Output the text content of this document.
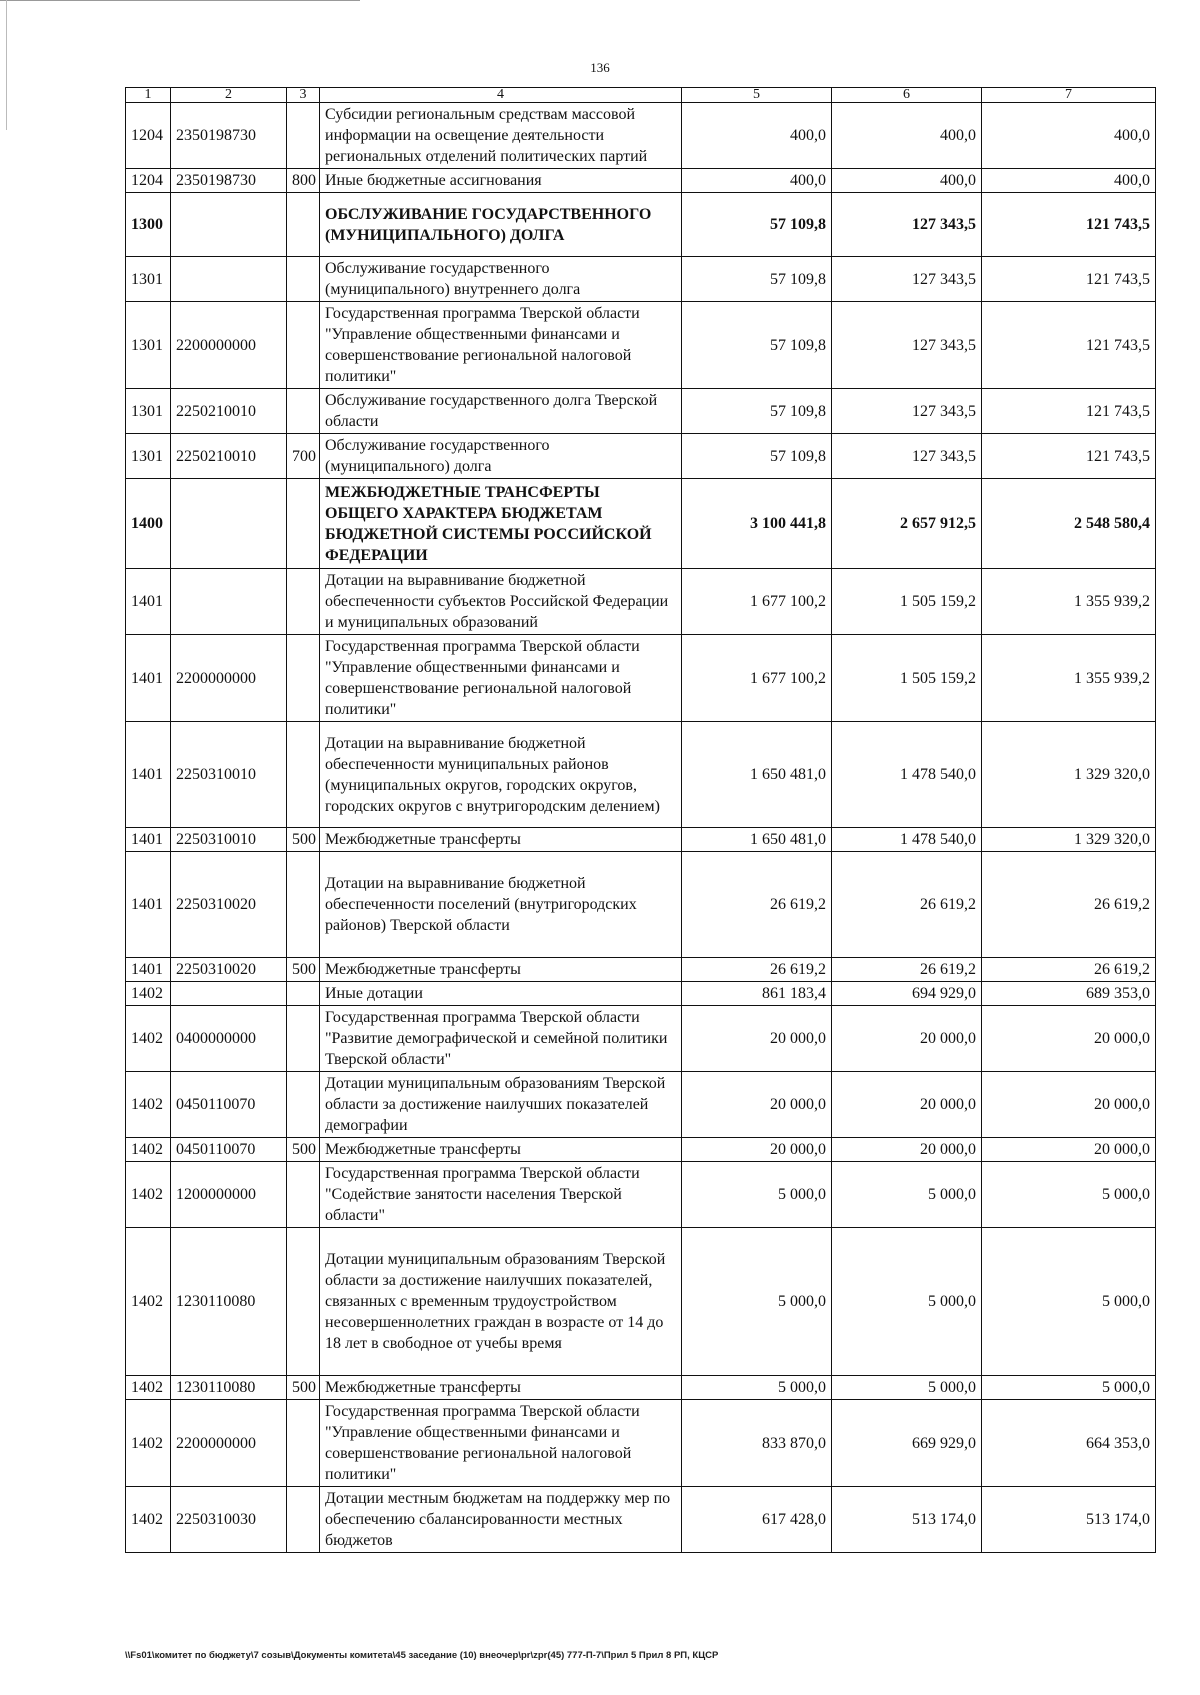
136
1	2	3	4	5	6	7
1204	2350198730		Субсидии региональным средствам массовой информации на освещение деятельности региональных отделений политических партий	400,0	400,0	400,0
1204	2350198730	800	Иные бюджетные ассигнования	400,0	400,0	400,0
1300			ОБСЛУЖИВАНИЕ ГОСУДАРСТВЕННОГО (МУНИЦИПАЛЬНОГО) ДОЛГА	57 109,8	127 343,5	121 743,5
1301			Обслуживание государственного (муниципального) внутреннего долга	57 109,8	127 343,5	121 743,5
1301	2200000000		Государственная программа Тверской области "Управление общественными финансами и совершенствование региональной налоговой политики"	57 109,8	127 343,5	121 743,5
1301	2250210010		Обслуживание государственного долга Тверской области	57 109,8	127 343,5	121 743,5
1301	2250210010	700	Обслуживание государственного (муниципального) долга	57 109,8	127 343,5	121 743,5
1400			МЕЖБЮДЖЕТНЫЕ ТРАНСФЕРТЫ ОБЩЕГО ХАРАКТЕРА БЮДЖЕТАМ БЮДЖЕТНОЙ СИСТЕМЫ РОССИЙСКОЙ ФЕДЕРАЦИИ	3 100 441,8	2 657 912,5	2 548 580,4
1401			Дотации на выравнивание бюджетной обеспеченности субъектов Российской Федерации и муниципальных образований	1 677 100,2	1 505 159,2	1 355 939,2
1401	2200000000		Государственная программа Тверской области "Управление общественными финансами и совершенствование региональной налоговой политики"	1 677 100,2	1 505 159,2	1 355 939,2
1401	2250310010		Дотации на выравнивание бюджетной обеспеченности муниципальных районов (муниципальных округов, городских округов, городских округов с внутригородским делением)	1 650 481,0	1 478 540,0	1 329 320,0
1401	2250310010	500	Межбюджетные трансферты	1 650 481,0	1 478 540,0	1 329 320,0
1401	2250310020		Дотации на выравнивание бюджетной обеспеченности поселений (внутригородских районов) Тверской области	26 619,2	26 619,2	26 619,2
1401	2250310020	500	Межбюджетные трансферты	26 619,2	26 619,2	26 619,2
1402			Иные дотации	861 183,4	694 929,0	689 353,0
1402	0400000000		Государственная программа Тверской области "Развитие демографической и семейной политики Тверской области"	20 000,0	20 000,0	20 000,0
1402	0450110070		Дотации муниципальным образованиям Тверской области за достижение наилучших показателей демографии	20 000,0	20 000,0	20 000,0
1402	0450110070	500	Межбюджетные трансферты	20 000,0	20 000,0	20 000,0
1402	1200000000		Государственная программа Тверской области "Содействие занятости населения Тверской области"	5 000,0	5 000,0	5 000,0
1402	1230110080		Дотации муниципальным образованиям Тверской области за достижение наилучших показателей, связанных с временным трудоустройством несовершеннолетних граждан в возрасте от 14 до 18 лет в свободное от учебы время	5 000,0	5 000,0	5 000,0
1402	1230110080	500	Межбюджетные трансферты	5 000,0	5 000,0	5 000,0
1402	2200000000		Государственная программа Тверской области "Управление общественными финансами и совершенствование региональной налоговой политики"	833 870,0	669 929,0	664 353,0
1402	2250310030		Дотации местным бюджетам на поддержку мер по обеспечению сбалансированности местных бюджетов	617 428,0	513 174,0	513 174,0
\\Fs01\комитет по бюджету\7 созыв\Документы комитета\45 заседание (10) внеочер\pr\zpr(45) 777-П-7\Прил 5 Прил 8 РП, КЦСР
